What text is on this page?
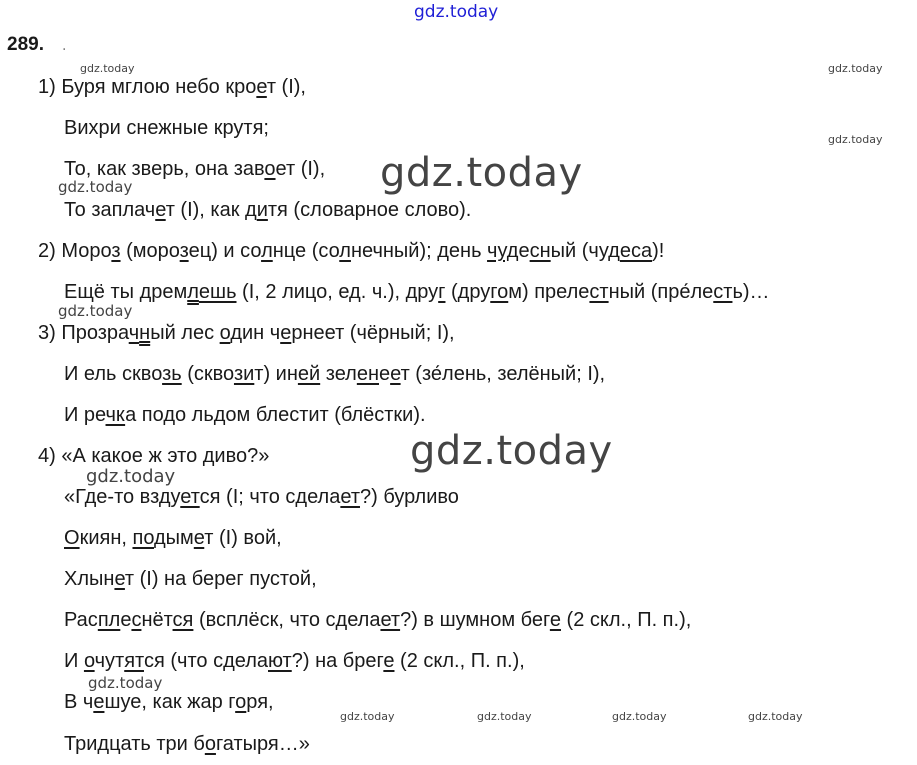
gdz.today
289. .
gdz.today	gdz.today
gdz.today
gdz.today
gdz.today
gdz.today
gdz.today
gdz.today
gdz.today
gdz.today	gdz.today	gdz.today	gdz.today
1) Буря мглою небо кроет (I),
Вихри снежные крутя;
То, как зверь, она завоет (I),
То заплачет (I), как дитя (словарное слово).
2) Мороз (морозец) и солнце (солнечный); день чудесный (чудеса)!
Ещё ты дремлешь (I, 2 лицо, ед. ч.), друг (другом) прелестный (пре́лесть)…
3) Прозрачный лес один чернеет (чёрный; I),
И ель сквозь (сквозит) иней зеленеет (зе́лень, зелёный; I),
И речка подо льдом блестит (блёстки).
4) «А какое ж это диво?»
«Где-то вздуется (I; что сделает?) бурливо
Окиян, подымет (I) вой,
Хлынет (I) на берег пустой,
Расплеснётся (всплёск, что сделает?) в шумном беге (2 скл., П. п.),
И очутятся (что сделают?) на бреге (2 скл., П. п.),
В чешуе, как жар горя,
Тридцать три богатыря…»
